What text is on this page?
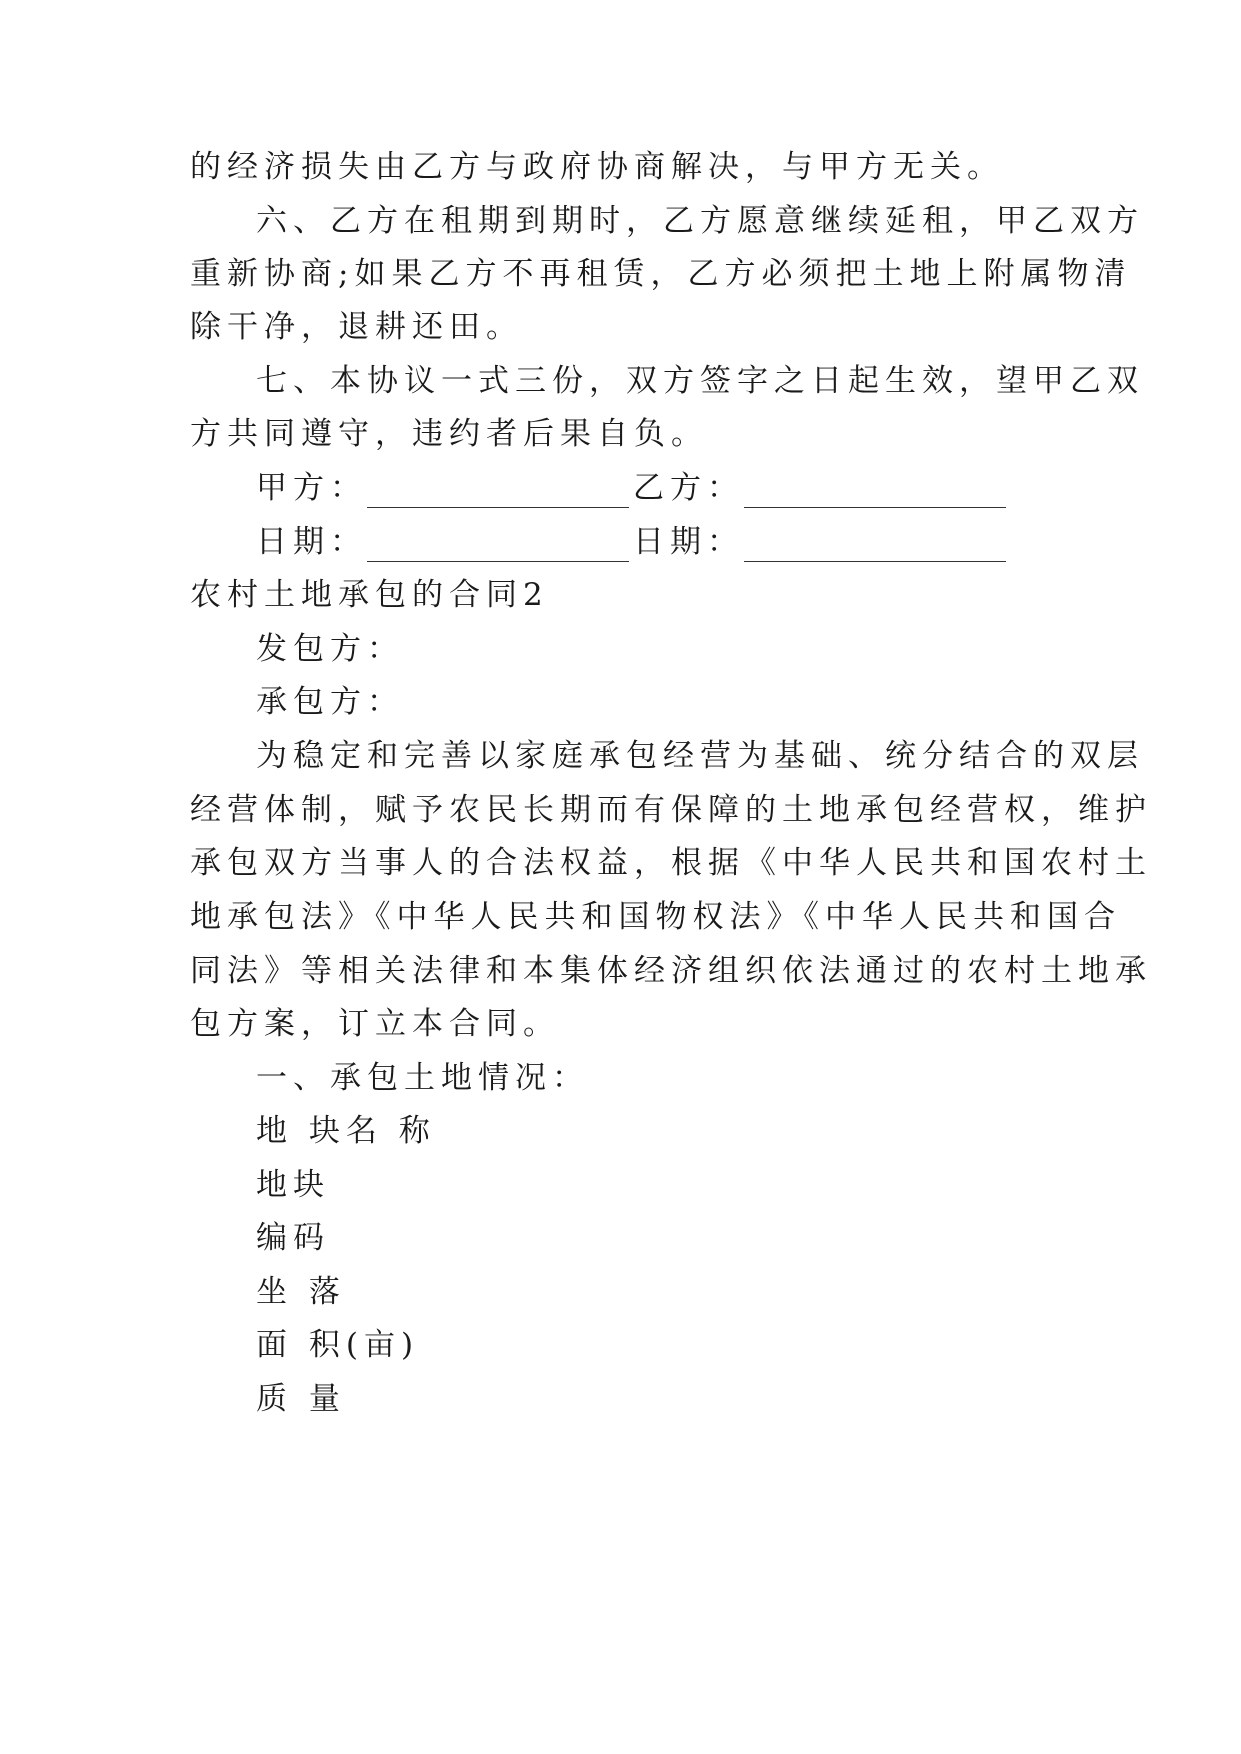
的经济损失由乙方与政府协商解决，与甲方无关。
六、乙方在租期到期时，乙方愿意继续延租，甲乙双方
重新协商;如果乙方不再租赁，乙方必须把土地上附属物清
除干净，退耕还田。
七、本协议一式三份，双方签字之日起生效，望甲乙双
方共同遵守，违约者后果自负。
甲方：	乙方：
日期：	日期：
农村土地承包的合同2
发包方：
承包方：
为稳定和完善以家庭承包经营为基础、统分结合的双层
经营体制，赋予农民长期而有保障的土地承包经营权，维护
承包双方当事人的合法权益，根据《中华人民共和国农村土
地承包法》《中华人民共和国物权法》《中华人民共和国合
同法》等相关法律和本集体经济组织依法通过的农村土地承
包方案，订立本合同。
一、承包土地情况：
地 块名 称
地块
编码
坐 落
面 积(亩)
质 量
